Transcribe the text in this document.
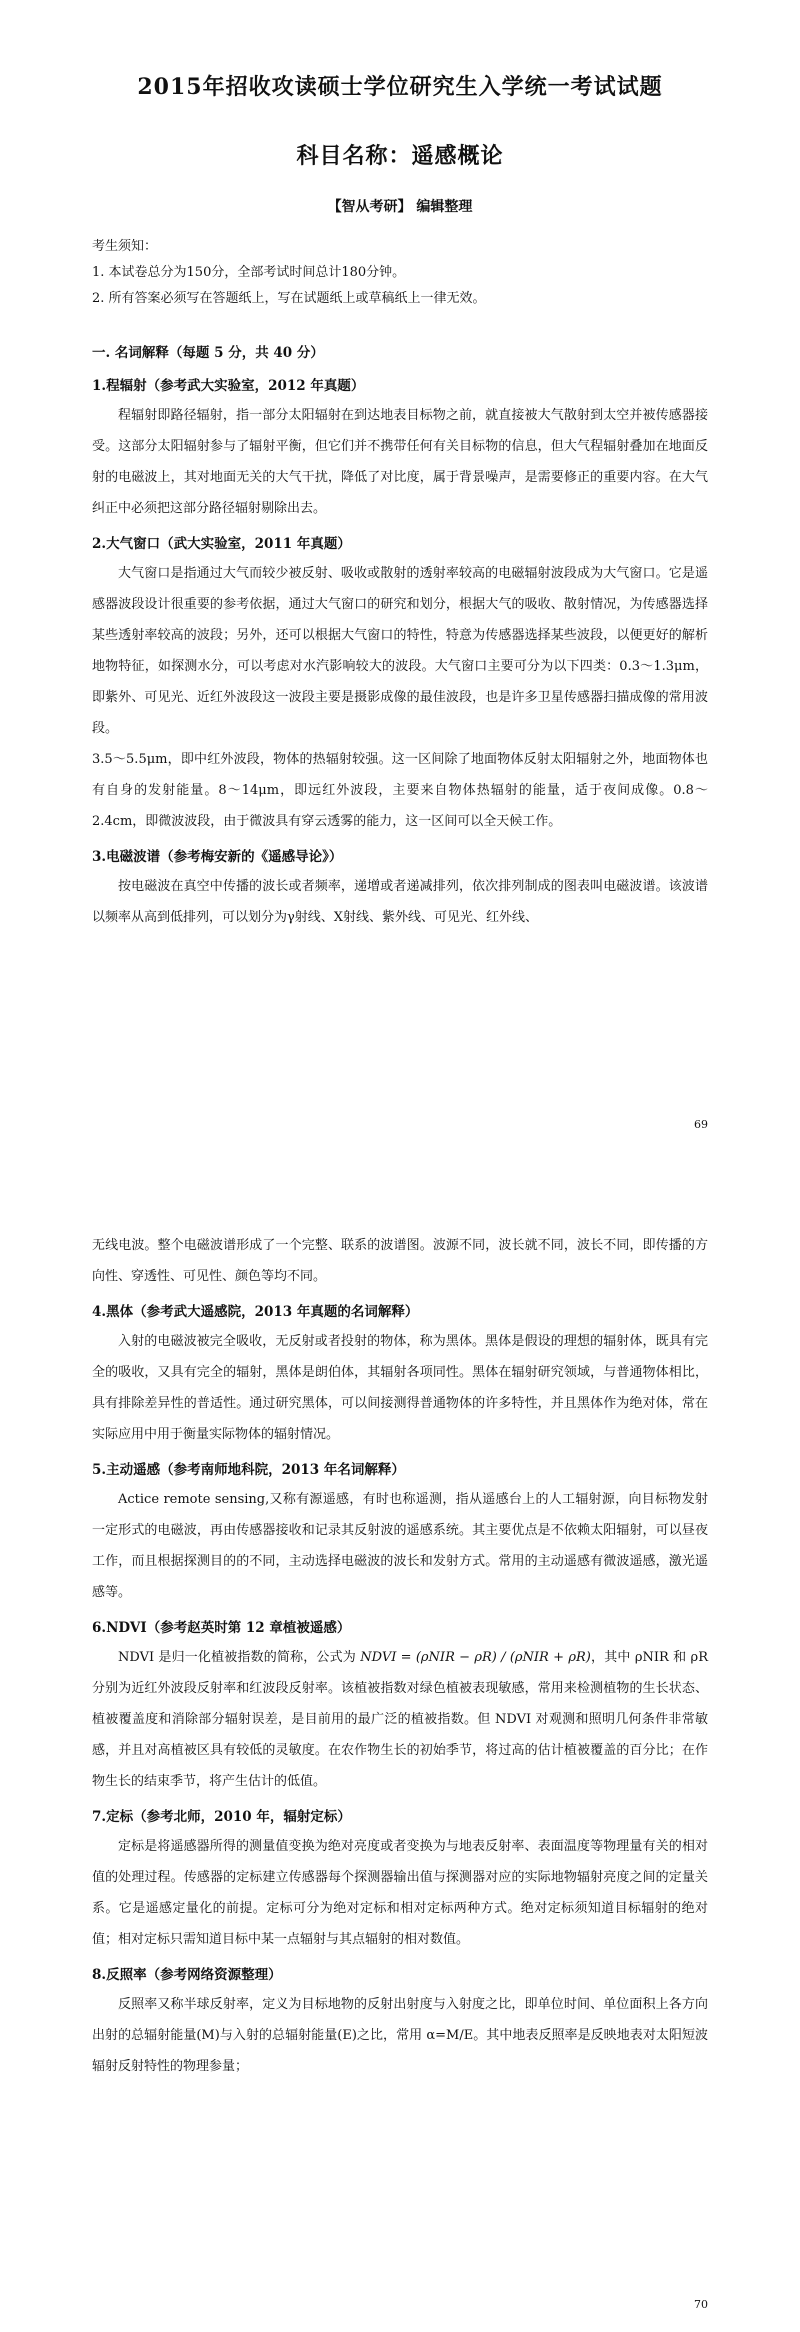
2015年招收攻读硕士学位研究生入学统一考试试题
科目名称：遥感概论
【智从考研】 编辑整理

考生须知：

1. 本试卷总分为150分，全部考试时间总计180分钟。

2. 所有答案必须写在答题纸上，写在试题纸上或草稿纸上一律无效。

一. 名词解释（每题 5 分，共 40 分）
1.程辐射（参考武大实验室，2012 年真题）

程辐射即路径辐射，指一部分太阳辐射在到达地表目标物之前，就直接被大气散射到太空并被传感器接受。这部分太阳辐射参与了辐射平衡，但它们并不携带任何有关目标物的信息，但大气程辐射叠加在地面反射的电磁波上，其对地面无关的大气干扰，降低了对比度，属于背景噪声，是需要修正的重要内容。在大气纠正中必须把这部分路径辐射剔除出去。

2.大气窗口（武大实验室，2011 年真题）

大气窗口是指通过大气而较少被反射、吸收或散射的透射率较高的电磁辐射波段成为大气窗口。它是遥感器波段设计很重要的参考依据，通过大气窗口的研究和划分，根据大气的吸收、散射情况，为传感器选择某些透射率较高的波段；另外，还可以根据大气窗口的特性，特意为传感器选择某些波段，以便更好的解析地物特征，如探测水分，可以考虑对水汽影响较大的波段。大气窗口主要可分为以下四类：0.3～1.3μm，即紫外、可见光、近红外波段这一波段主要是摄影成像的最佳波段，也是许多卫星传感器扫描成像的常用波段。

3.5～5.5μm，即中红外波段，物体的热辐射较强。这一区间除了地面物体反射太阳辐射之外，地面物体也有自身的发射能量。8～14μm，即远红外波段，主要来自物体热辐射的能量，适于夜间成像。0.8～2.4cm，即微波波段，由于微波具有穿云透雾的能力，这一区间可以全天候工作。

3.电磁波谱（参考梅安新的《遥感导论》）

按电磁波在真空中传播的波长或者频率，递增或者递减排列，依次排列制成的图表叫电磁波谱。该波谱以频率从高到低排列，可以划分为γ射线、X射线、紫外线、可见光、红外线、

69

无线电波。整个电磁波谱形成了一个完整、联系的波谱图。波源不同，波长就不同，波长不同，即传播的方向性、穿透性、可见性、颜色等均不同。

4.黑体（参考武大遥感院，2013 年真题的名词解释）

入射的电磁波被完全吸收，无反射或者投射的物体，称为黑体。黑体是假设的理想的辐射体，既具有完全的吸收，又具有完全的辐射，黑体是朗伯体，其辐射各项同性。黑体在辐射研究领域，与普通物体相比，具有排除差异性的普适性。通过研究黑体，可以间接测得普通物体的许多特性，并且黑体作为绝对体，常在实际应用中用于衡量实际物体的辐射情况。

5.主动遥感（参考南师地科院，2013 年名词解释）

Actice remote sensing,又称有源遥感，有时也称遥测，指从遥感台上的人工辐射源，向目标物发射一定形式的电磁波，再由传感器接收和记录其反射波的遥感系统。其主要优点是不依赖太阳辐射，可以昼夜工作，而且根据探测目的的不同，主动选择电磁波的波长和发射方式。常用的主动遥感有微波遥感，激光遥感等。

6.NDVI（参考赵英时第 12 章植被遥感）

NDVI 是归一化植被指数的简称，公式为 NDVI = (ρNIR − ρR) / (ρNIR + ρR)，其中 ρNIR 和 ρR 分别为近红外波段反射率和红波段反射率。该植被指数对绿色植被表现敏感，常用来检测植物的生长状态、植被覆盖度和消除部分辐射误差，是目前用的最广泛的植被指数。但 NDVI 对观测和照明几何条件非常敏感，并且对高植被区具有较低的灵敏度。在农作物生长的初始季节，将过高的估计植被覆盖的百分比；在作物生长的结束季节，将产生估计的低值。

7.定标（参考北师，2010 年，辐射定标）

定标是将遥感器所得的测量值变换为绝对亮度或者变换为与地表反射率、表面温度等物理量有关的相对值的处理过程。传感器的定标建立传感器每个探测器输出值与探测器对应的实际地物辐射亮度之间的定量关系。它是遥感定量化的前提。定标可分为绝对定标和相对定标两种方式。绝对定标须知道目标辐射的绝对值；相对定标只需知道目标中某一点辐射与其点辐射的相对数值。

8.反照率（参考网络资源整理）

反照率又称半球反射率，定义为目标地物的反射出射度与入射度之比，即单位时间、单位面积上各方向出射的总辐射能量(M)与入射的总辐射能量(E)之比，常用 α=M/E。其中地表反照率是反映地表对太阳短波辐射反射特性的物理参量；

70
